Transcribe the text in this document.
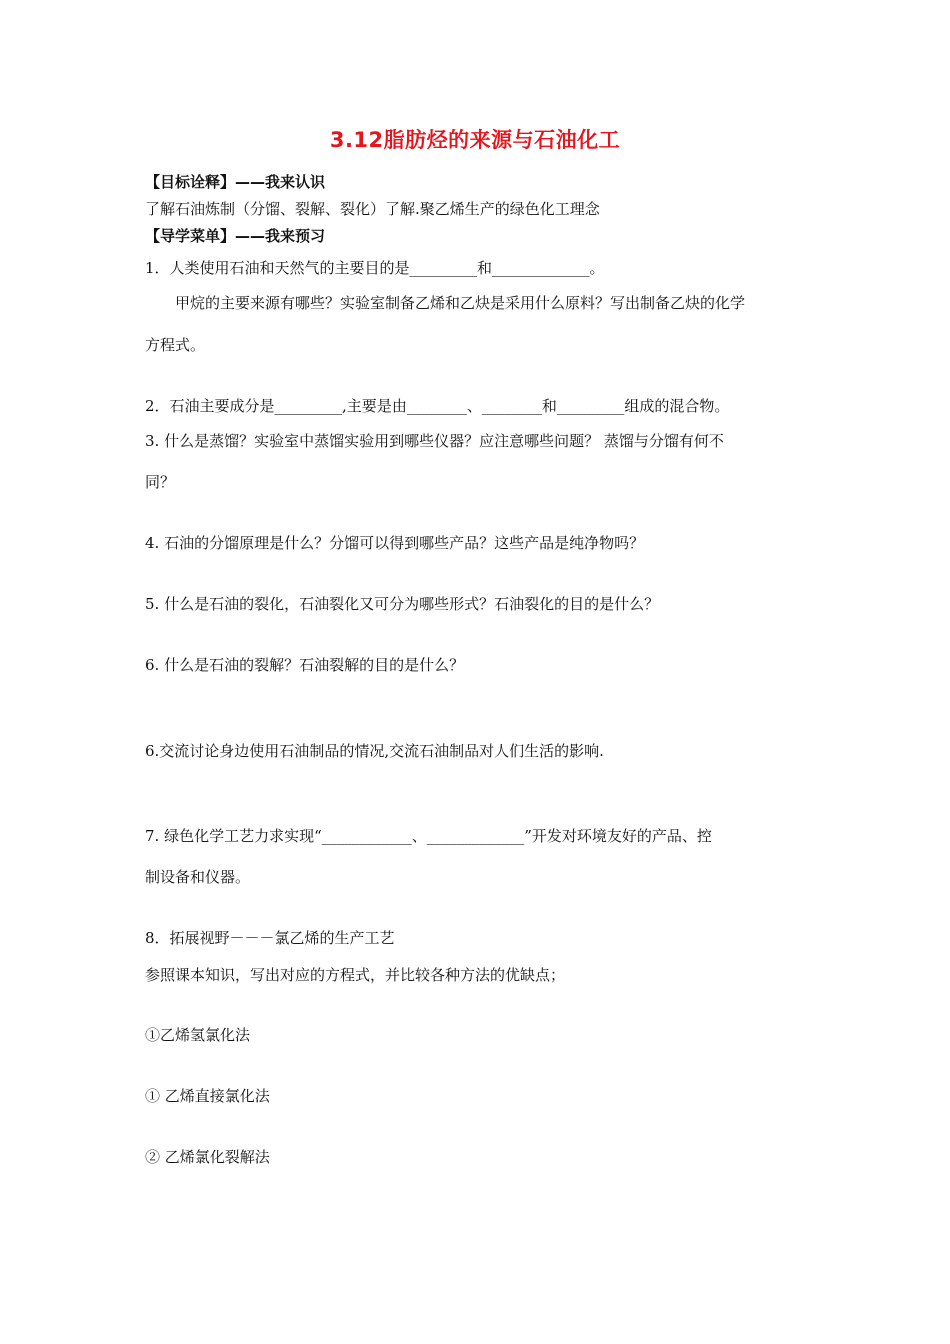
3.12脂肪烃的来源与石油化工
【目标诠释】——我来认识
了解石油炼制（分馏、裂解、裂化）了解.聚乙烯生产的绿色化工理念
【导学菜单】——我来预习
1．人类使用石油和天然气的主要目的是_________和_____________。
甲烷的主要来源有哪些？实验室制备乙烯和乙炔是采用什么原料？写出制备乙炔的化学
方程式。
2．石油主要成分是_________,主要是由________、________和_________组成的混合物。
3. 什么是蒸馏？实验室中蒸馏实验用到哪些仪器？应注意哪些问题？ 蒸馏与分馏有何不
同？
4. 石油的分馏原理是什么？分馏可以得到哪些产品？这些产品是纯净物吗？
5. 什么是石油的裂化，石油裂化又可分为哪些形式？石油裂化的目的是什么？
6. 什么是石油的裂解？石油裂解的目的是什么？
6.交流讨论身边使用石油制品的情况,交流石油制品对人们生活的影响.
7. 绿色化学工艺力求实现“____________、_____________”开发对环境友好的产品、控
制设备和仪器。
8．拓展视野－－－氯乙烯的生产工艺
参照课本知识，写出对应的方程式，并比较各种方法的优缺点；
①乙烯氢氯化法
① 乙烯直接氯化法
② 乙烯氯化裂解法
